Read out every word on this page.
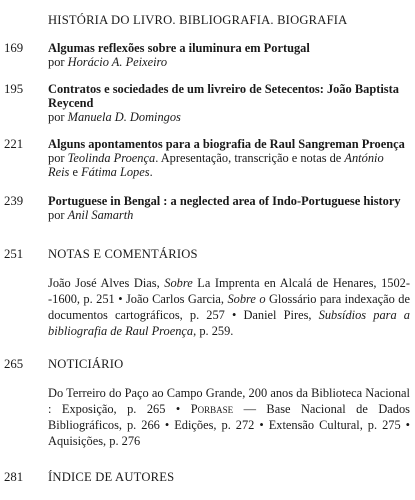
HISTÓRIA DO LIVRO. BIBLIOGRAFIA. BIOGRAFIA
169	Algumas reflexões sobre a iluminura em Portugal
por Horácio A. Peixeiro
195	Contratos e sociedades de um livreiro de Setecentos: João Baptista Reycend
por Manuela D. Domingos
221	Alguns apontamentos para a biografia de Raul Sangreman Proença
por Teolinda Proença. Apresentação, transcrição e notas de António Reis e Fátima Lopes.
239	Portuguese in Bengal : a neglected area of Indo-Portuguese history
por Anil Samarth
251	NOTAS E COMENTÁRIOS
João José Alves Dias, Sobre La Imprenta en Alcalá de Henares, 1502--1600, p. 251 • João Carlos Garcia, Sobre o Glossário para indexação de documentos cartográficos, p. 257 • Daniel Pires, Subsídios para a bibliografia de Raul Proença, p. 259.
265	NOTICIÁRIO
Do Terreiro do Paço ao Campo Grande, 200 anos da Biblioteca Nacional : Exposição, p. 265 • Porbase — Base Nacional de Dados Bibliográficos, p. 266 • Edições, p. 272 • Extensão Cultural, p. 275 • Aquisições, p. 276
281	ÍNDICE DE AUTORES
